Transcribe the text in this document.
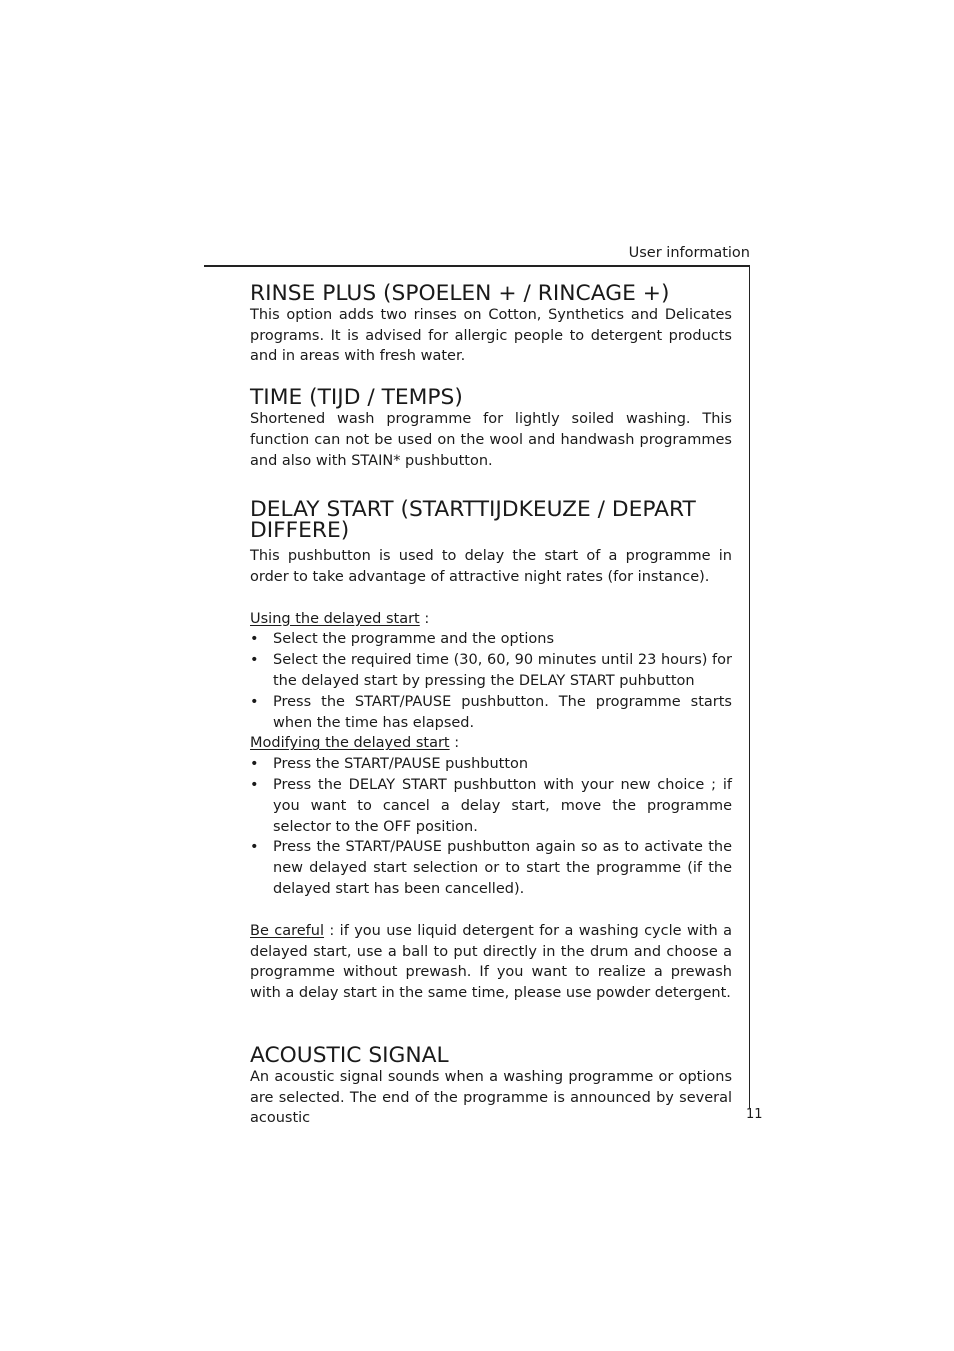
User information
11
RINSE PLUS (SPOELEN + / RINCAGE +)

This option adds two rinses on Cotton, Synthetics and Delicates programs. It is advised for allergic people to detergent products and in areas with fresh water.

TIME (TIJD / TEMPS)

Shortened wash programme for lightly soiled washing. This function can not be used on the wool and handwash programmes and also with STAIN* pushbutton.

DELAY START (STARTTIJDKEUZE / DEPART DIFFERE)

This pushbutton is used to delay the start of a programme in order to take advantage of attractive night rates (for instance).

Using the delayed start :

• Select the programme and the options
• Select the required time (30, 60, 90 minutes until 23 hours) for the delayed start by pressing the DELAY START puhbutton
• Press the START/PAUSE pushbutton. The programme starts when the time has elapsed.

Modifying the delayed start :

• Press the START/PAUSE pushbutton
• Press the DELAY START pushbutton with your new choice ; if you want to cancel a delay start, move the programme selector to the OFF position.
• Press the START/PAUSE pushbutton again so as to activate the new delayed start selection or to start the programme (if the delayed start has been cancelled).

Be careful : if you use liquid detergent for a washing cycle with a delayed start, use a ball to put directly in the drum and choose a programme without prewash. If you want to realize a prewash with a delay start in the same time, please use powder detergent.

ACOUSTIC SIGNAL

An acoustic signal sounds when a washing programme or options are selected. The end of the programme is announced by several acoustic
